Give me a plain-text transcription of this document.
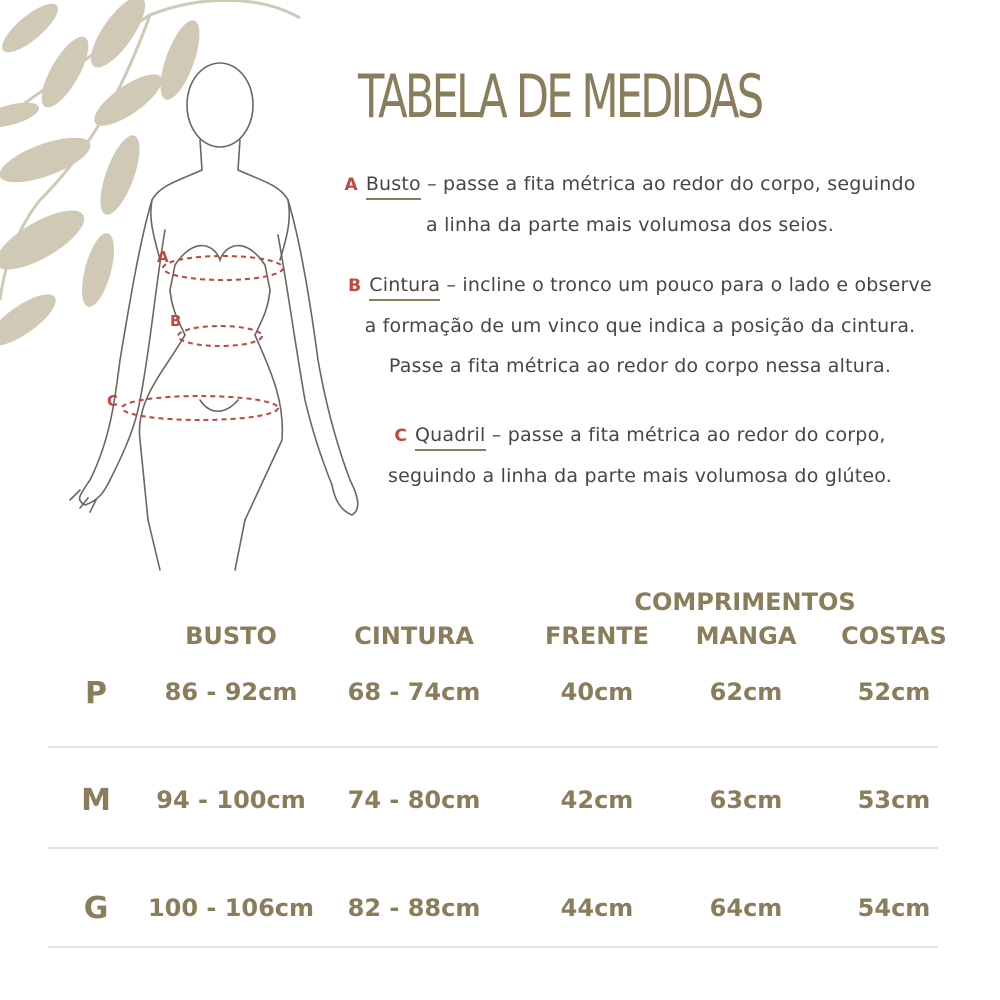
A
B
C
TABELA DE MEDIDAS
A Busto – passe a fita métrica ao redor do corpo, seguindo
a linha da parte mais volumosa dos seios.
B Cintura – incline o tronco um pouco para o lado e observe
a formação de um vinco que indica a posição da cintura.
Passe a fita métrica ao redor do corpo nessa altura.
C Quadril – passe a fita métrica ao redor do corpo,
seguindo a linha da parte mais volumosa do glúteo.
COMPRIMENTOS
BUSTO	CINTURA	FRENTE	MANGA	COSTAS
P	86 - 92cm	68 - 74cm	40cm	62cm	52cm
M	94 - 100cm	74 - 80cm	42cm	63cm	53cm
G	100 - 106cm	82 - 88cm	44cm	64cm	54cm
